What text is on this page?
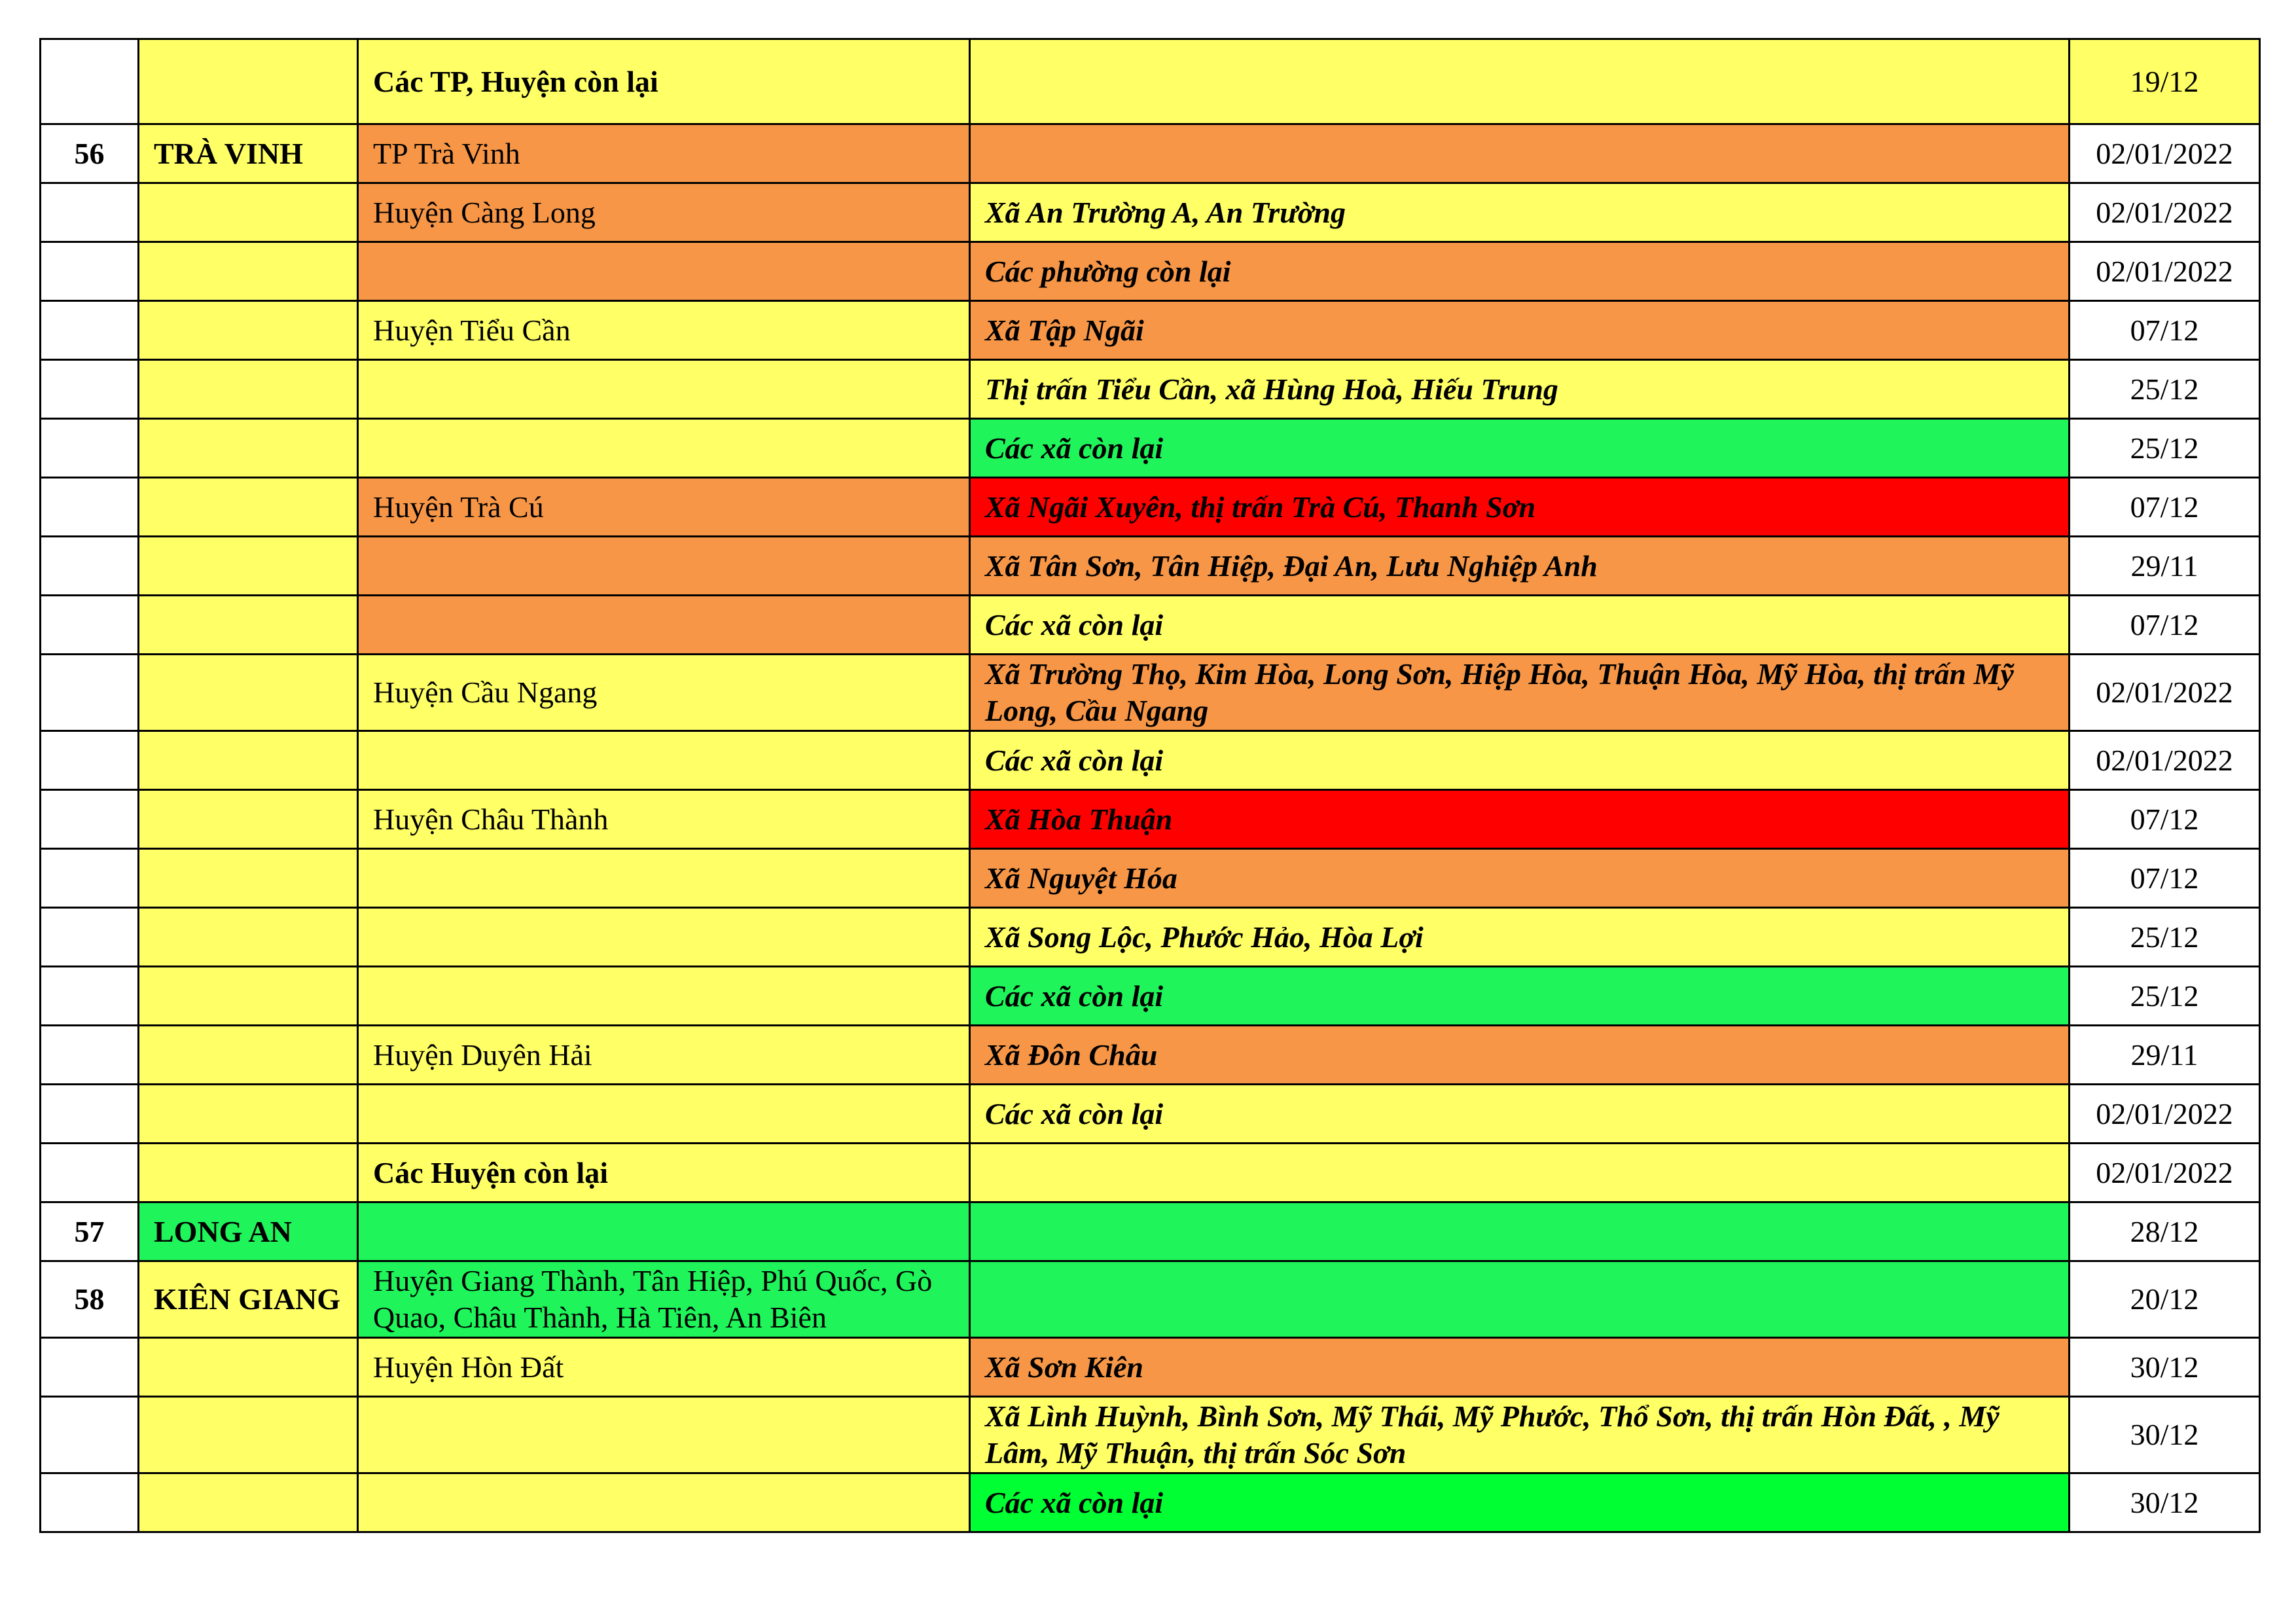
		Các TP, Huyện còn lại		19/12
56	TRÀ VINH	TP Trà Vinh		02/01/2022
		Huyện Càng Long	Xã An Trường A, An Trường	02/01/2022
			Các phường còn lại	02/01/2022
		Huyện Tiểu Cần	Xã Tập Ngãi	07/12
			Thị trấn Tiểu Cần, xã Hùng Hoà, Hiếu Trung	25/12
			Các xã còn lại	25/12
		Huyện Trà Cú	Xã Ngãi Xuyên, thị trấn Trà Cú, Thanh Sơn	07/12
			Xã Tân Sơn, Tân Hiệp, Đại An, Lưu Nghiệp Anh	29/11
			Các xã còn lại	07/12
		Huyện Cầu Ngang	Xã Trường Thọ, Kim Hòa, Long Sơn, Hiệp Hòa, Thuận Hòa, Mỹ Hòa, thị trấn Mỹ Long, Cầu Ngang	02/01/2022
			Các xã còn lại	02/01/2022
		Huyện Châu Thành	Xã Hòa Thuận	07/12
			Xã Nguyệt Hóa	07/12
			Xã Song Lộc, Phước Hảo, Hòa Lợi	25/12
			Các xã còn lại	25/12
		Huyện Duyên Hải	Xã Đôn Châu	29/11
			Các xã còn lại	02/01/2022
		Các Huyện còn lại		02/01/2022
57	LONG AN			28/12
58	KIÊN GIANG	Huyện Giang Thành, Tân Hiệp, Phú Quốc, Gò Quao, Châu Thành, Hà Tiên, An Biên		20/12
		Huyện Hòn Đất	Xã Sơn Kiên	30/12
			Xã Lình Huỳnh, Bình Sơn, Mỹ Thái, Mỹ Phước, Thổ Sơn, thị trấn Hòn Đất, , Mỹ Lâm, Mỹ Thuận, thị trấn Sóc Sơn	30/12
			Các xã còn lại	30/12
